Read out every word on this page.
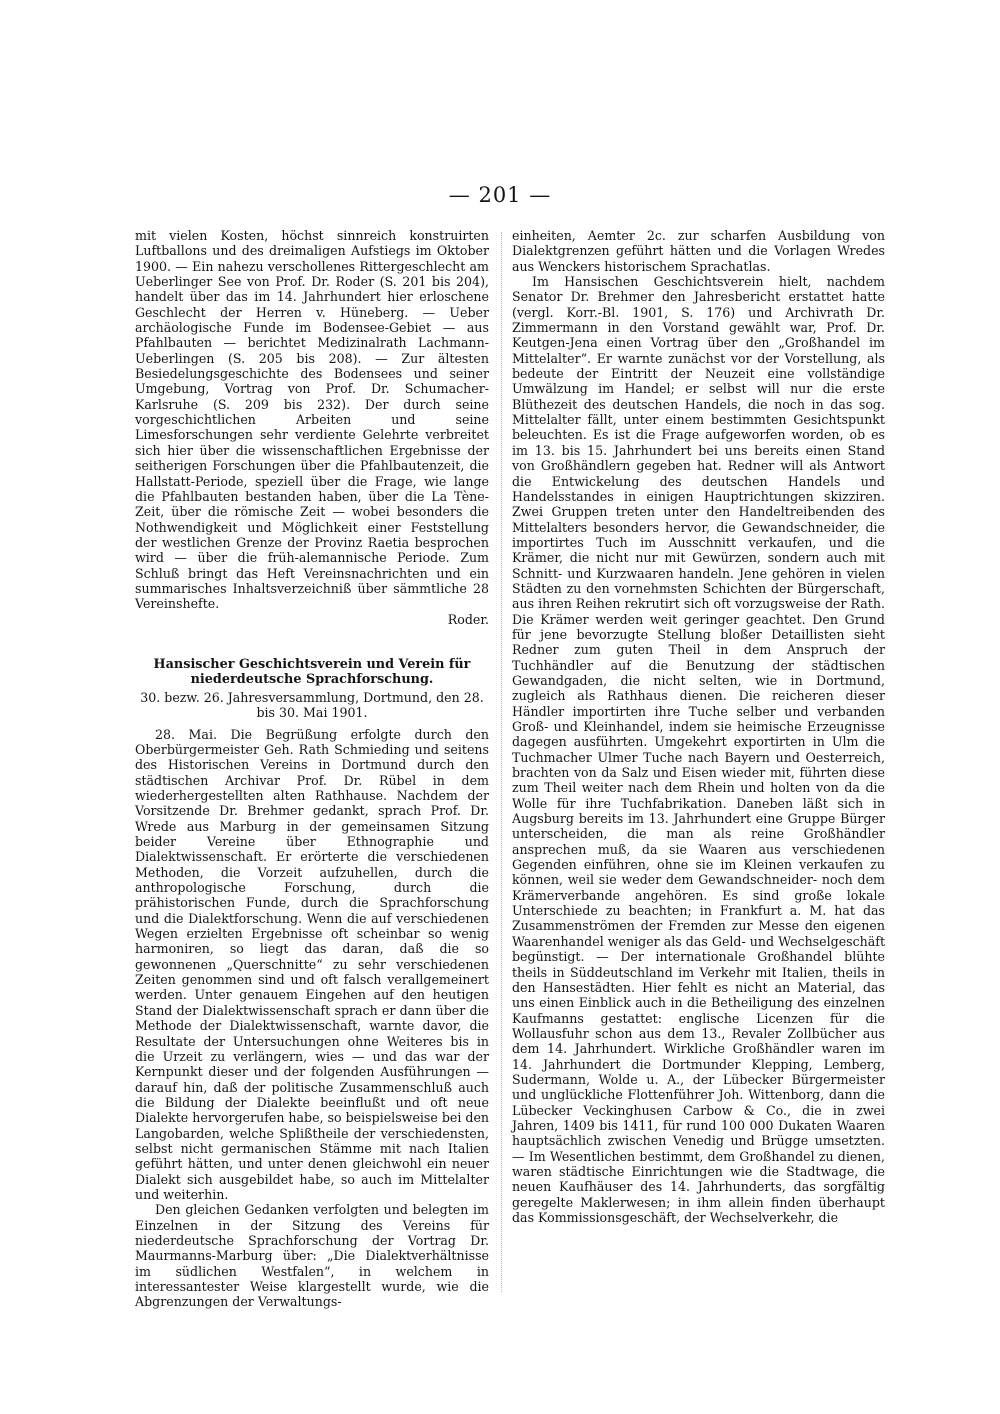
— 201 —

mit vielen Kosten, höchst sinnreich konstruirten Luftballons und des dreimaligen Aufstiegs im Oktober 1900. — Ein nahezu verschollenes Rittergeschlecht am Ueberlinger See von Prof. Dr. Roder (S. 201 bis 204), handelt über das im 14. Jahrhundert hier erloschene Geschlecht der Herren v. Hüneberg. — Ueber archäologische Funde im Bodensee-Gebiet — aus Pfahlbauten — berichtet Medizinalrath Lachmann-Ueberlingen (S. 205 bis 208). — Zur ältesten Besiedelungsgeschichte des Bodensees und seiner Umgebung, Vortrag von Prof. Dr. Schumacher-Karlsruhe (S. 209 bis 232). Der durch seine vorgeschichtlichen Arbeiten und seine Limesforschungen sehr verdiente Gelehrte verbreitet sich hier über die wissenschaftlichen Ergebnisse der seitherigen Forschungen über die Pfahlbautenzeit, die Hallstatt-Periode, speziell über die Frage, wie lange die Pfahlbauten bestanden haben, über die La Tène-Zeit, über die römische Zeit — wobei besonders die Nothwendigkeit und Möglichkeit einer Feststellung der westlichen Grenze der Provinz Raetia besprochen wird — über die früh-alemannische Periode. Zum Schluß bringt das Heft Vereinsnachrichten und ein summarisches Inhaltsverzeichniß über sämmtliche 28 Vereinshefte.

Roder.

Hansischer Geschichtsverein und Verein für niederdeutsche Sprachforschung.

30. bezw. 26. Jahresversammlung, Dortmund, den 28. bis 30. Mai 1901.

28. Mai. Die Begrüßung erfolgte durch den Oberbürgermeister Geh. Rath Schmieding und seitens des Historischen Vereins in Dortmund durch den städtischen Archivar Prof. Dr. Rübel in dem wiederhergestellten alten Rathhause. Nachdem der Vorsitzende Dr. Brehmer gedankt, sprach Prof. Dr. Wrede aus Marburg in der gemeinsamen Sitzung beider Vereine über Ethnographie und Dialektwissenschaft. Er erörterte die verschiedenen Methoden, die Vorzeit aufzuhellen, durch die anthropologische Forschung, durch die prähistorischen Funde, durch die Sprachforschung und die Dialektforschung. Wenn die auf verschiedenen Wegen erzielten Ergebnisse oft scheinbar so wenig harmoniren, so liegt das daran, daß die so gewonnenen „Querschnitte“ zu sehr verschiedenen Zeiten genommen sind und oft falsch verallgemeinert werden. Unter genauem Eingehen auf den heutigen Stand der Dialektwissenschaft sprach er dann über die Methode der Dialektwissenschaft, warnte davor, die Resultate der Untersuchungen ohne Weiteres bis in die Urzeit zu verlängern, wies — und das war der Kernpunkt dieser und der folgenden Ausführungen — darauf hin, daß der politische Zusammenschluß auch die Bildung der Dialekte beeinflußt und oft neue Dialekte hervorgerufen habe, so beispielsweise bei den Langobarden, welche Splißtheile der verschiedensten, selbst nicht germanischen Stämme mit nach Italien geführt hätten, und unter denen gleichwohl ein neuer Dialekt sich ausgebildet habe, so auch im Mittelalter und weiterhin.

Den gleichen Gedanken verfolgten und belegten im Einzelnen in der Sitzung des Vereins für niederdeutsche Sprachforschung der Vortrag Dr. Maurmanns-Marburg über: „Die Dialektverhältnisse im südlichen Westfalen“, in welchem in interessantester Weise klargestellt wurde, wie die Abgrenzungen der Verwaltungs-

einheiten, Aemter 2c. zur scharfen Ausbildung von Dialektgrenzen geführt hätten und die Vorlagen Wredes aus Wenckers historischem Sprachatlas.

Im Hansischen Geschichtsverein hielt, nachdem Senator Dr. Brehmer den Jahresbericht erstattet hatte (vergl. Korr.-Bl. 1901, S. 176) und Archivrath Dr. Zimmermann in den Vorstand gewählt war, Prof. Dr. Keutgen-Jena einen Vortrag über den „Großhandel im Mittelalter“. Er warnte zunächst vor der Vorstellung, als bedeute der Eintritt der Neuzeit eine vollständige Umwälzung im Handel; er selbst will nur die erste Blüthezeit des deutschen Handels, die noch in das sog. Mittelalter fällt, unter einem bestimmten Gesichtspunkt beleuchten. Es ist die Frage aufgeworfen worden, ob es im 13. bis 15. Jahrhundert bei uns bereits einen Stand von Großhändlern gegeben hat. Redner will als Antwort die Entwickelung des deutschen Handels und Handelsstandes in einigen Hauptrichtungen skizziren. Zwei Gruppen treten unter den Handeltreibenden des Mittelalters besonders hervor, die Gewandschneider, die importirtes Tuch im Ausschnitt verkaufen, und die Krämer, die nicht nur mit Gewürzen, sondern auch mit Schnitt- und Kurzwaaren handeln. Jene gehören in vielen Städten zu den vornehmsten Schichten der Bürgerschaft, aus ihren Reihen rekrutirt sich oft vorzugsweise der Rath. Die Krämer werden weit geringer geachtet. Den Grund für jene bevorzugte Stellung bloßer Detaillisten sieht Redner zum guten Theil in dem Anspruch der Tuchhändler auf die Benutzung der städtischen Gewandgaden, die nicht selten, wie in Dortmund, zugleich als Rathhaus dienen. Die reicheren dieser Händler importirten ihre Tuche selber und verbanden Groß- und Kleinhandel, indem sie heimische Erzeugnisse dagegen ausführten. Umgekehrt exportirten in Ulm die Tuchmacher Ulmer Tuche nach Bayern und Oesterreich, brachten von da Salz und Eisen wieder mit, führten diese zum Theil weiter nach dem Rhein und holten von da die Wolle für ihre Tuchfabrikation. Daneben läßt sich in Augsburg bereits im 13. Jahrhundert eine Gruppe Bürger unterscheiden, die man als reine Großhändler ansprechen muß, da sie Waaren aus verschiedenen Gegenden einführen, ohne sie im Kleinen verkaufen zu können, weil sie weder dem Gewandschneider- noch dem Krämerverbande angehören. Es sind große lokale Unterschiede zu beachten; in Frankfurt a. M. hat das Zusammenströmen der Fremden zur Messe den eigenen Waarenhandel weniger als das Geld- und Wechselgeschäft begünstigt. — Der internationale Großhandel blühte theils in Süddeutschland im Verkehr mit Italien, theils in den Hansestädten. Hier fehlt es nicht an Material, das uns einen Einblick auch in die Betheiligung des einzelnen Kaufmanns gestattet: englische Licenzen für die Wollausfuhr schon aus dem 13., Revaler Zollbücher aus dem 14. Jahrhundert. Wirkliche Großhändler waren im 14. Jahrhundert die Dortmunder Klepping, Lemberg, Sudermann, Wolde u. A., der Lübecker Bürgermeister und unglückliche Flottenführer Joh. Wittenborg, dann die Lübecker Veckinghusen Carbow & Co., die in zwei Jahren, 1409 bis 1411, für rund 100 000 Dukaten Waaren hauptsächlich zwischen Venedig und Brügge umsetzten. — Im Wesentlichen bestimmt, dem Großhandel zu dienen, waren städtische Einrichtungen wie die Stadtwage, die neuen Kaufhäuser des 14. Jahrhunderts, das sorgfältig geregelte Maklerwesen; in ihm allein finden überhaupt das Kommissionsgeschäft, der Wechselverkehr, die
